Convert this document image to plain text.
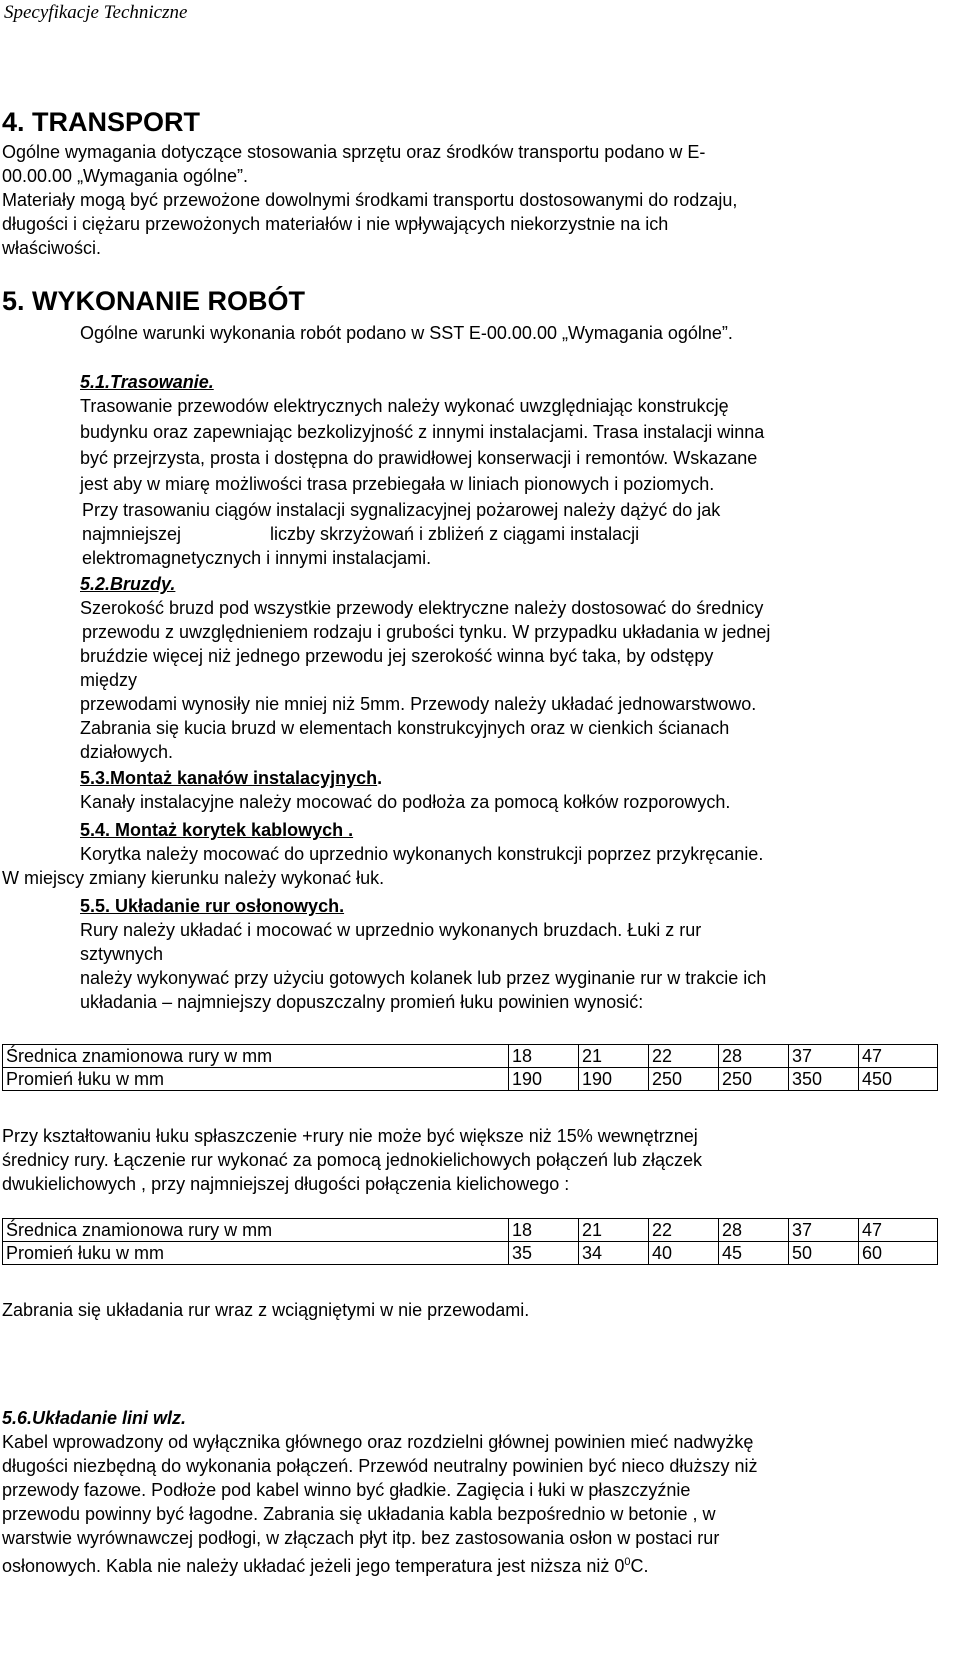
Specyfikacje Techniczne
4. TRANSPORT
Ogólne wymagania dotyczące stosowania sprzętu oraz środków transportu podano w E-
00.00.00 „Wymagania ogólne”.
Materiały mogą być przewożone dowolnymi środkami transportu dostosowanymi do rodzaju,
długości i ciężaru przewożonych materiałów i nie wpływających niekorzystnie na ich
właściwości.
5. WYKONANIE ROBÓT
Ogólne warunki wykonania robót podano w SST E-00.00.00 „Wymagania ogólne”.
5.1.Trasowanie.
Trasowanie przewodów elektrycznych należy wykonać uwzględniając konstrukcję
budynku oraz zapewniając bezkolizyjność z innymi instalacjami. Trasa instalacji winna
być przejrzysta, prosta i dostępna do prawidłowej konserwacji i remontów. Wskazane
jest aby w miarę możliwości trasa przebiegała w liniach pionowych i poziomych.
Przy trasowaniu ciągów instalacji sygnalizacyjnej pożarowej należy dążyć do jak
najmniejszej	liczby skrzyżowań i zbliżeń z ciągami instalacji
elektromagnetycznych i innymi instalacjami.
5.2.Bruzdy.
Szerokość bruzd pod wszystkie przewody elektryczne należy dostosować do średnicy
przewodu z uwzględnieniem rodzaju i grubości tynku. W przypadku układania w jednej
bruździe więcej niż jednego przewodu jej szerokość winna być taka, by odstępy
między
przewodami wynosiły nie mniej niż 5mm. Przewody należy układać jednowarstwowo.
Zabrania się kucia bruzd w elementach konstrukcyjnych oraz w cienkich ścianach
działowych.
5.3.Montaż kanałów instalacyjnych.
Kanały instalacyjne należy mocować do podłoża za pomocą kołków rozporowych.
5.4. Montaż korytek kablowych .
Korytka należy mocować do uprzednio wykonanych konstrukcji poprzez przykręcanie.
W miejscy zmiany kierunku należy wykonać łuk.
5.5. Układanie rur osłonowych.
Rury należy układać i mocować w uprzednio wykonanych bruzdach. Łuki z rur
sztywnych
należy wykonywać przy użyciu gotowych kolanek lub przez wyginanie rur w trakcie ich
układania – najmniejszy dopuszczalny promień łuku powinien wynosić:
Średnica znamionowa rury w mm	18	21	22	28	37	47
Promień łuku w mm	190	190	250	250	350	450
Przy kształtowaniu łuku spłaszczenie +rury nie może być większe niż 15% wewnętrznej
średnicy rury. Łączenie rur wykonać za pomocą jednokielichowych połączeń lub złączek
dwukielichowych , przy najmniejszej długości połączenia kielichowego :
Średnica znamionowa rury w mm	18	21	22	28	37	47
Promień łuku w mm	35	34	40	45	50	60
Zabrania się układania rur wraz z wciągniętymi w nie przewodami.
5.6.Układanie lini wlz.
Kabel wprowadzony od wyłącznika głównego oraz rozdzielni głównej powinien mieć nadwyżkę
długości niezbędną do wykonania połączeń. Przewód neutralny powinien być nieco dłuższy niż
przewody fazowe. Podłoże pod kabel winno być gładkie. Zagięcia i łuki w płaszczyźnie
przewodu powinny być łagodne. Zabrania się układania kabla bezpośrednio w betonie , w
warstwie wyrównawczej podłogi, w złączach płyt itp. bez zastosowania osłon w postaci rur
osłonowych. Kabla nie należy układać jeżeli jego temperatura jest niższa niż $0^0C$.
